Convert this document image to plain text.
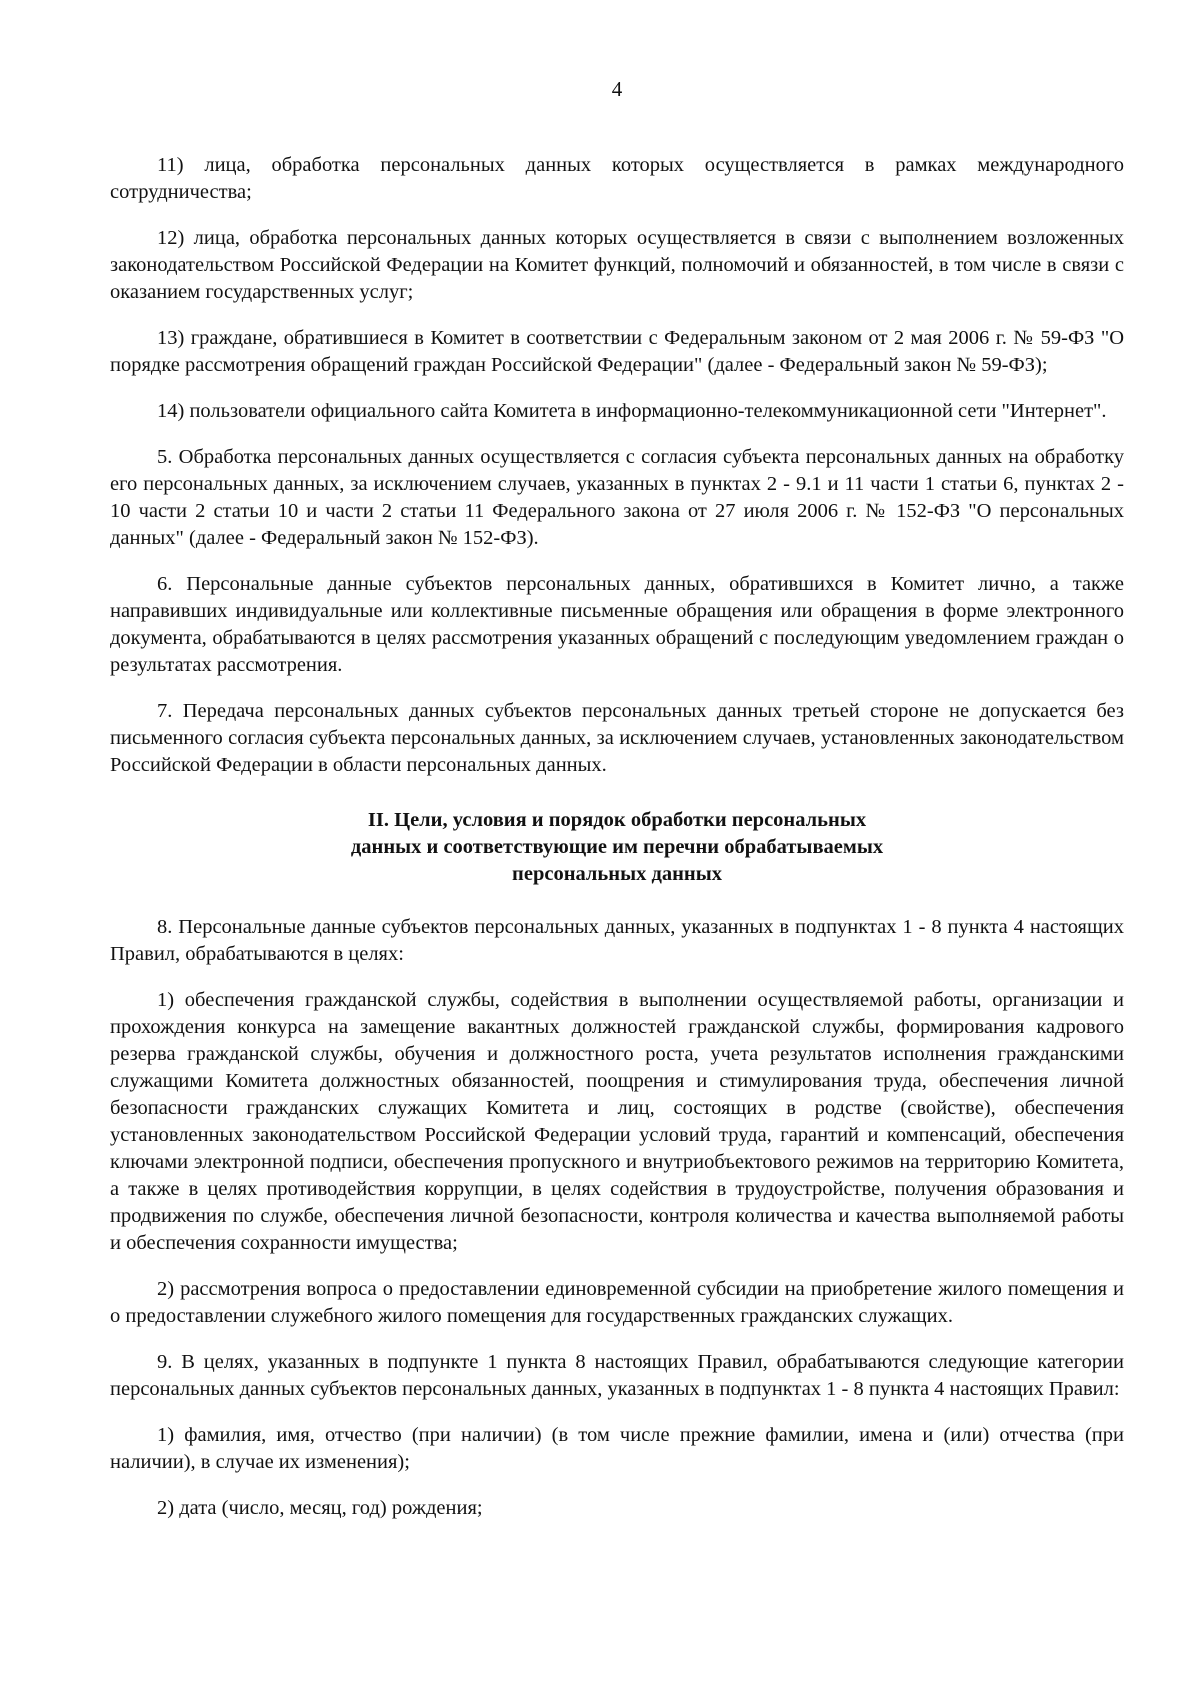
4

11) лица, обработка персональных данных которых осуществляется в рамках международного сотрудничества;

12) лица, обработка персональных данных которых осуществляется в связи с выполнением возложенных законодательством Российской Федерации на Комитет функций, полномочий и обязанностей, в том числе в связи с оказанием государственных услуг;

13) граждане, обратившиеся в Комитет в соответствии с Федеральным законом от 2 мая 2006 г. № 59-ФЗ "О порядке рассмотрения обращений граждан Российской Федерации" (далее - Федеральный закон № 59-ФЗ);

14) пользователи официального сайта Комитета в информационно-телекоммуникационной сети "Интернет".

5. Обработка персональных данных осуществляется с согласия субъекта персональных данных на обработку его персональных данных, за исключением случаев, указанных в пунктах 2 - 9.1 и 11 части 1 статьи 6, пунктах 2 - 10 части 2 статьи 10 и части 2 статьи 11 Федерального закона от 27 июля 2006 г. № 152-ФЗ "О персональных данных" (далее - Федеральный закон № 152-ФЗ).

6. Персональные данные субъектов персональных данных, обратившихся в Комитет лично, а также направивших индивидуальные или коллективные письменные обращения или обращения в форме электронного документа, обрабатываются в целях рассмотрения указанных обращений с последующим уведомлением граждан о результатах рассмотрения.

7. Передача персональных данных субъектов персональных данных третьей стороне не допускается без письменного согласия субъекта персональных данных, за исключением случаев, установленных законодательством Российской Федерации в области персональных данных.

II. Цели, условия и порядок обработки персональных
данных и соответствующие им перечни обрабатываемых
персональных данных

8. Персональные данные субъектов персональных данных, указанных в подпунктах 1 - 8 пункта 4 настоящих Правил, обрабатываются в целях:

1) обеспечения гражданской службы, содействия в выполнении осуществляемой работы, организации и прохождения конкурса на замещение вакантных должностей гражданской службы, формирования кадрового резерва гражданской службы, обучения и должностного роста, учета результатов исполнения гражданскими служащими Комитета должностных обязанностей, поощрения и стимулирования труда, обеспечения личной безопасности гражданских служащих Комитета и лиц, состоящих в родстве (свойстве), обеспечения установленных законодательством Российской Федерации условий труда, гарантий и компенсаций, обеспечения ключами электронной подписи, обеспечения пропускного и внутриобъектового режимов на территорию Комитета, а также в целях противодействия коррупции, в целях содействия в трудоустройстве, получения образования и продвижения по службе, обеспечения личной безопасности, контроля количества и качества выполняемой работы и обеспечения сохранности имущества;

2) рассмотрения вопроса о предоставлении единовременной субсидии на приобретение жилого помещения и о предоставлении служебного жилого помещения для государственных гражданских служащих.

9. В целях, указанных в подпункте 1 пункта 8 настоящих Правил, обрабатываются следующие категории персональных данных субъектов персональных данных, указанных в подпунктах 1 - 8 пункта 4 настоящих Правил:

1) фамилия, имя, отчество (при наличии) (в том числе прежние фамилии, имена и (или) отчества (при наличии), в случае их изменения);

2) дата (число, месяц, год) рождения;
